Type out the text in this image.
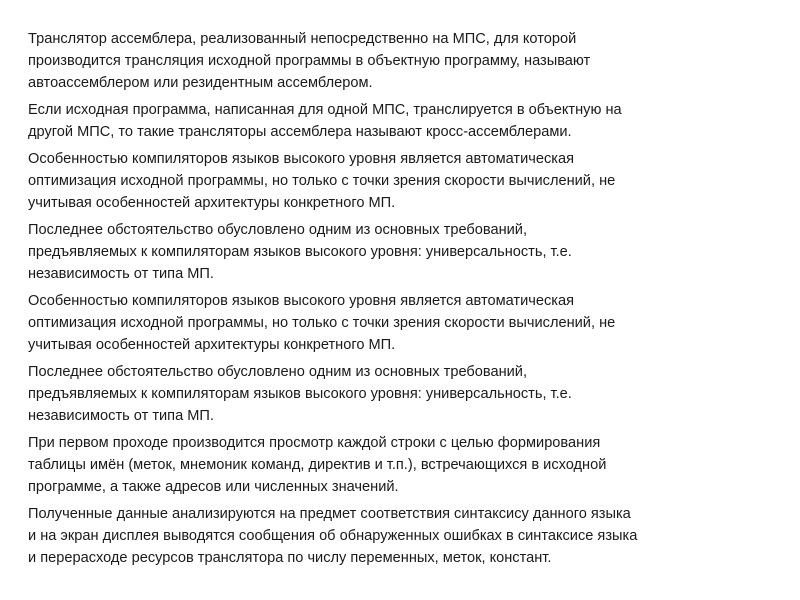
Транслятор ассемблера, реализованный непосредственно на МПС, для которой
производится трансляция исходной программы в объектную программу, называют
автоассемблером или резидентным ассемблером.

Если исходная программа, написанная для одной МПС, транслируется в объектную на
другой МПС, то такие трансляторы ассемблера называют кросс-ассемблерами.

Особенностью компиляторов языков высокого уровня является автоматическая
оптимизация исходной программы, но только с точки зрения скорости вычислений, не
учитывая особенностей архитектуры конкретного МП.

Последнее обстоятельство обусловлено одним из основных требований,
предъявляемых к компиляторам языков высокого уровня: универсальность, т.е.
независимость от типа МП.

Особенностью компиляторов языков высокого уровня является автоматическая
оптимизация исходной программы, но только с точки зрения скорости вычислений, не
учитывая особенностей архитектуры конкретного МП.

Последнее обстоятельство обусловлено одним из основных требований,
предъявляемых к компиляторам языков высокого уровня: универсальность, т.е.
независимость от типа МП.

При первом проходе производится просмотр каждой строки с целью формирования
таблицы имён (меток, мнемоник команд, директив и т.п.), встречающихся в исходной
программе, а также адресов или численных значений.

Полученные данные анализируются на предмет соответствия синтаксису данного языка
и на экран дисплея выводятся сообщения об обнаруженных ошибках в синтаксисе языка
и перерасходе ресурсов транслятора по числу переменных, меток, констант.
